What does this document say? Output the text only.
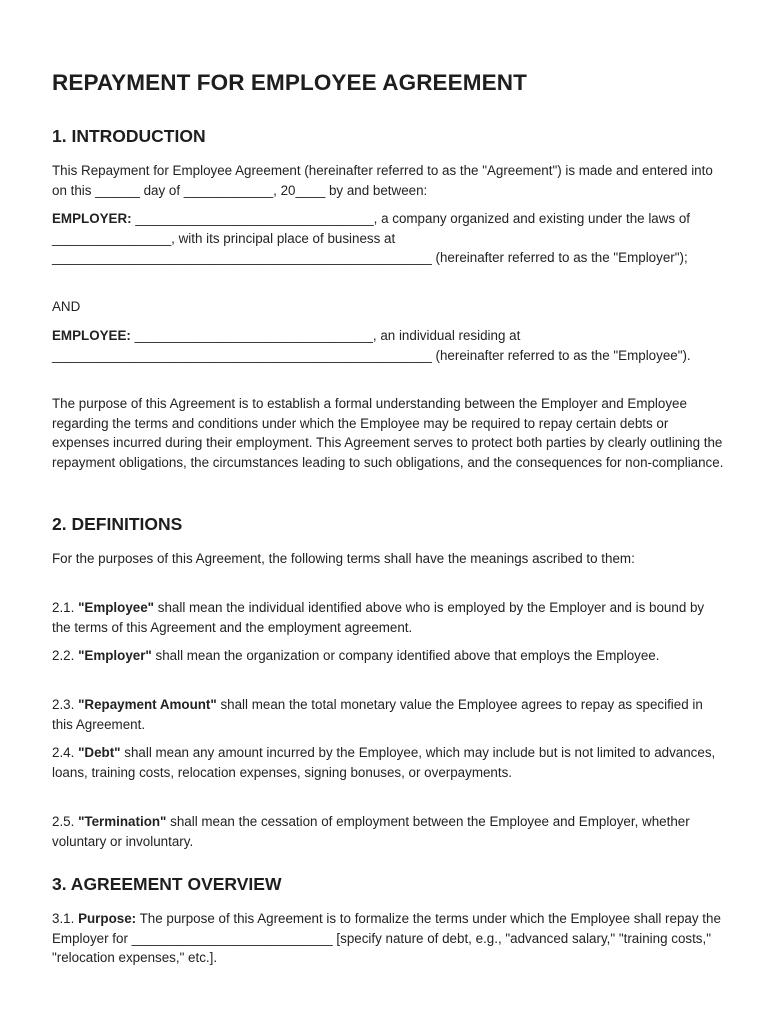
REPAYMENT FOR EMPLOYEE AGREEMENT
1. INTRODUCTION

This Repayment for Employee Agreement (hereinafter referred to as the "Agreement") is made and entered into on this ______ day of ____________, 20____ by and between:

EMPLOYER: ________________________________, a company organized and existing under the laws of ________________, with its principal place of business at ___________________________________________________ (hereinafter referred to as the "Employer");

AND

EMPLOYEE: ________________________________, an individual residing at ___________________________________________________ (hereinafter referred to as the "Employee").

The purpose of this Agreement is to establish a formal understanding between the Employer and Employee regarding the terms and conditions under which the Employee may be required to repay certain debts or expenses incurred during their employment. This Agreement serves to protect both parties by clearly outlining the repayment obligations, the circumstances leading to such obligations, and the consequences for non-compliance.

2. DEFINITIONS

For the purposes of this Agreement, the following terms shall have the meanings ascribed to them:

2.1. "Employee" shall mean the individual identified above who is employed by the Employer and is bound by the terms of this Agreement and the employment agreement.

2.2. "Employer" shall mean the organization or company identified above that employs the Employee.

2.3. "Repayment Amount" shall mean the total monetary value the Employee agrees to repay as specified in this Agreement.

2.4. "Debt" shall mean any amount incurred by the Employee, which may include but is not limited to advances, loans, training costs, relocation expenses, signing bonuses, or overpayments.

2.5. "Termination" shall mean the cessation of employment between the Employee and Employer, whether voluntary or involuntary.

3. AGREEMENT OVERVIEW

3.1. Purpose: The purpose of this Agreement is to formalize the terms under which the Employee shall repay the Employer for ___________________________ [specify nature of debt, e.g., "advanced salary," "training costs," "relocation expenses," etc.].
